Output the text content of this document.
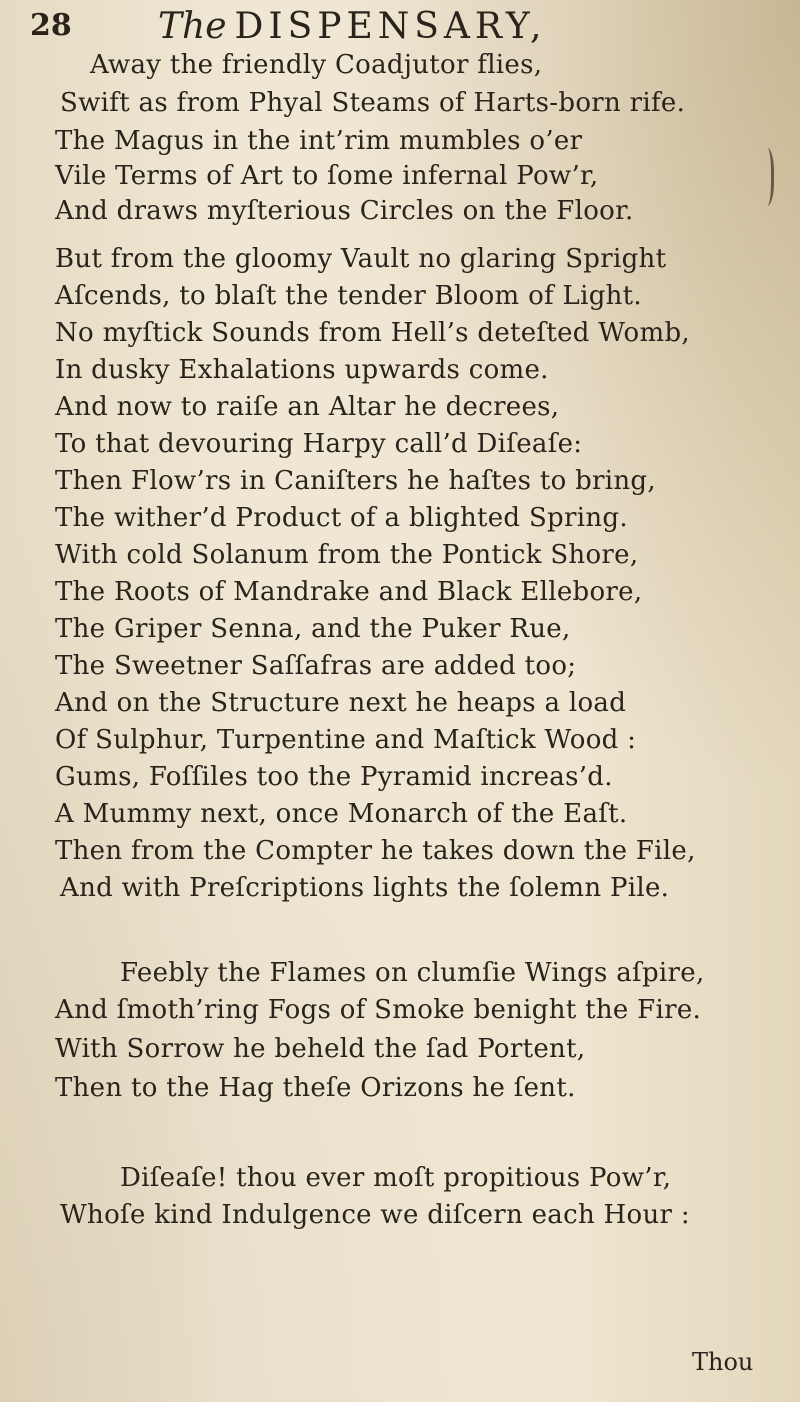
28 The DISPENSARY,
Away the friendly Coadjutor flies,
Swift as from Phyal Steams of Harts-born rife.
The Magus in the int’rim mumbles o’er
Vile Terms of Art to ſome infernal Pow’r,
And draws myſterious Circles on the Floor.
But from the gloomy Vault no glaring Spright
Aſcends, to blaſt the tender Bloom of Light.
No myſtick Sounds from Hell’s deteſted Womb,
In dusky Exhalations upwards come.
And now to raiſe an Altar he decrees,
To that devouring Harpy call’d Diſeaſe:
Then Flow’rs in Caniſters he haſtes to bring,
The wither’d Product of a blighted Spring.
With cold Solanum from the Pontick Shore,
The Roots of Mandrake and Black Ellebore,
The Griper Senna, and the Puker Rue,
The Sweetner Saſſafras are added too;
And on the Structure next he heaps a load
Of Sulphur, Turpentine and Maſtick Wood :
Gums, Foſſiles too the Pyramid increas’d.
A Mummy next, once Monarch of the Eaſt.
Then from the Compter he takes down the File,
And with Preſcriptions lights the ſolemn Pile.
Feebly the Flames on clumſie Wings aſpire,
And ſmoth’ring Fogs of Smoke benight the Fire.
With Sorrow he beheld the ſad Portent,
Then to the Hag theſe Orizons he ſent.
Diſeaſe! thou ever moſt propitious Pow’r,
Whoſe kind Indulgence we diſcern each Hour :
Thou
